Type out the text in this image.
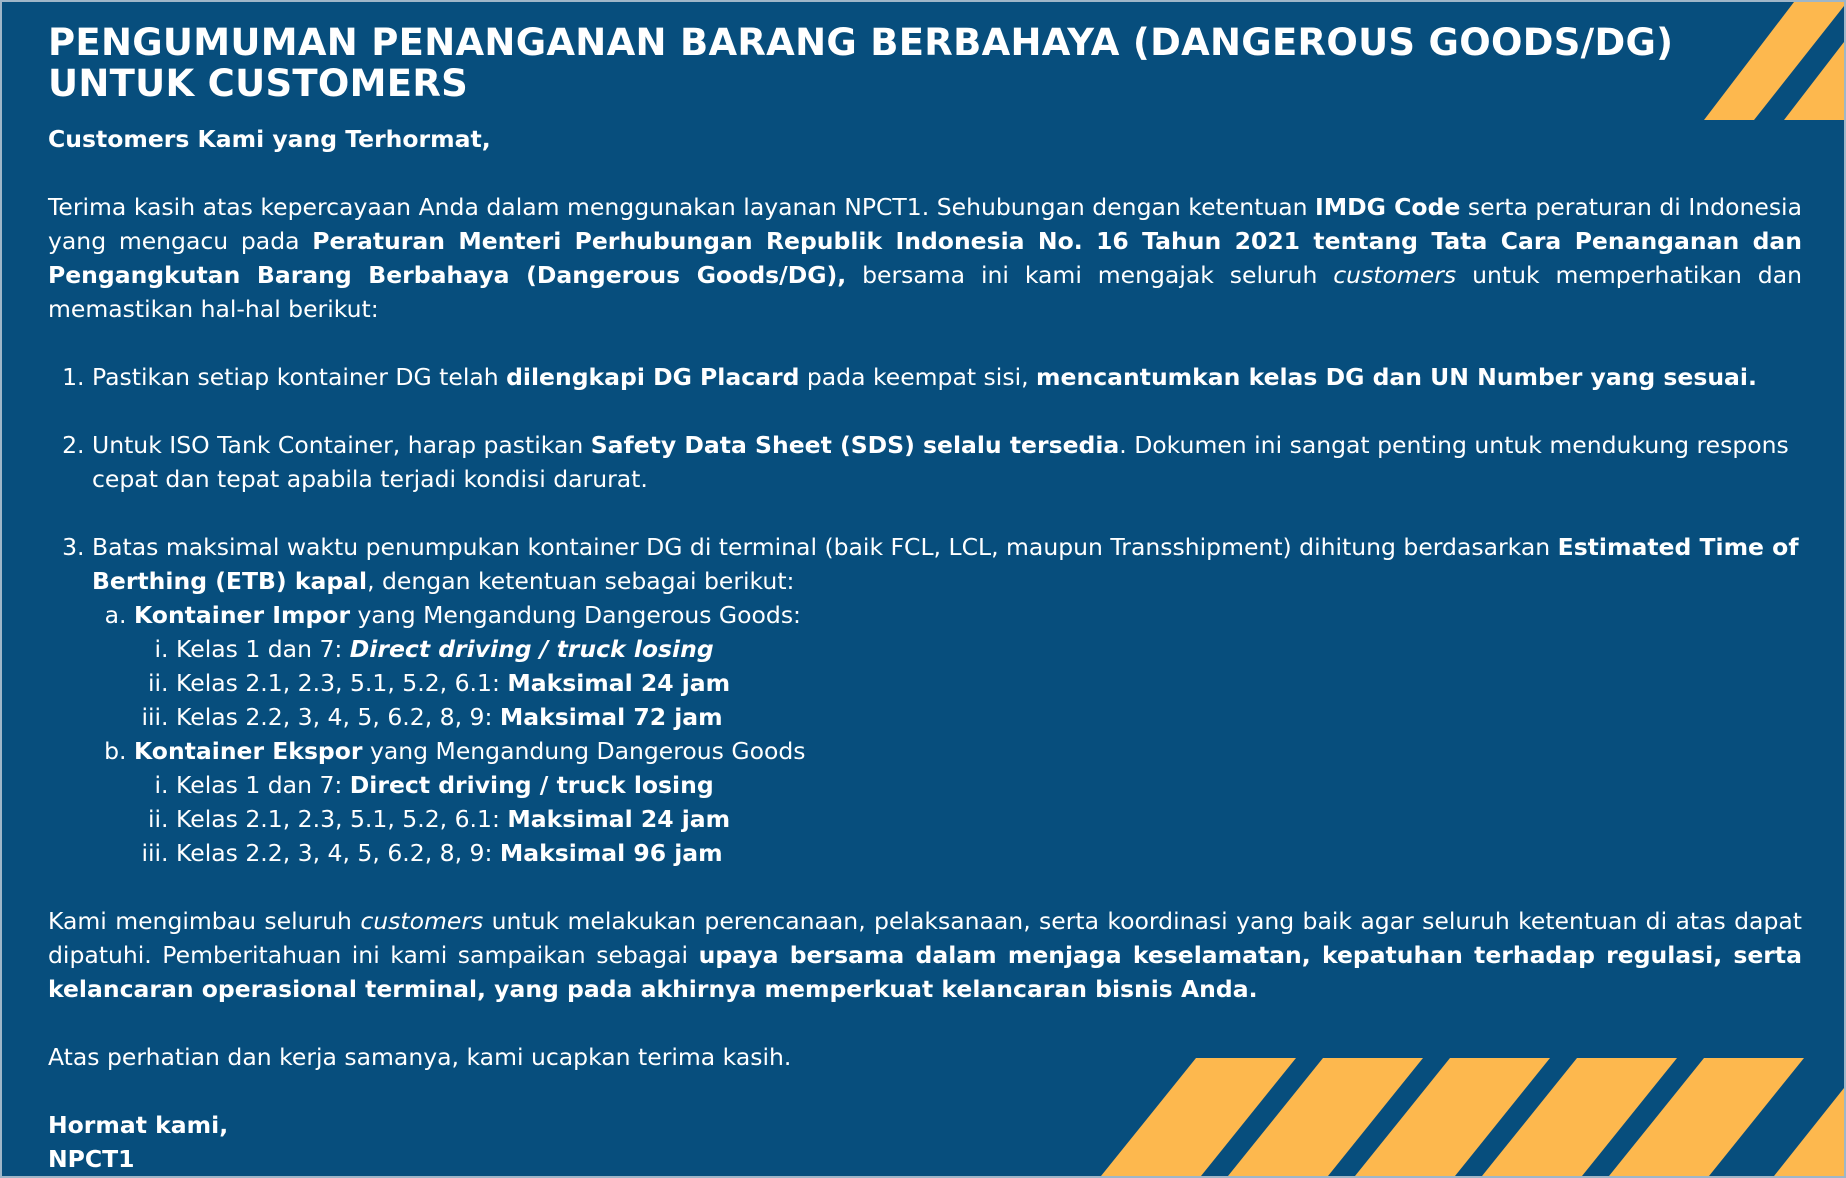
PENGUMUMAN PENANGANAN BARANG BERBAHAYA (DANGEROUS GOODS/DG)
UNTUK CUSTOMERS

Customers Kami yang Terhormat,

Terima kasih atas kepercayaan Anda dalam menggunakan layanan NPCT1. Sehubungan dengan ketentuan IMDG Code serta peraturan di Indonesia yang mengacu pada Peraturan Menteri Perhubungan Republik Indonesia No. 16 Tahun 2021 tentang Tata Cara Penanganan dan Pengangkutan Barang Berbahaya (Dangerous Goods/DG), bersama ini kami mengajak seluruh customers untuk memperhatikan dan memastikan hal-hal berikut:

1. Pastikan setiap kontainer DG telah dilengkapi DG Placard pada keempat sisi, mencantumkan kelas DG dan UN Number yang sesuai.
2. Untuk ISO Tank Container, harap pastikan Safety Data Sheet (SDS) selalu tersedia. Dokumen ini sangat penting untuk mendukung respons cepat dan tepat apabila terjadi kondisi darurat.
3. Batas maksimal waktu penumpukan kontainer DG di terminal (baik FCL, LCL, maupun Transshipment) dihitung berdasarkan Estimated Time of Berthing (ETB) kapal, dengan ketentuan sebagai berikut:
a. Kontainer Impor yang Mengandung Dangerous Goods:
i. Kelas 1 dan 7: Direct driving / truck losing
ii. Kelas 2.1, 2.3, 5.1, 5.2, 6.1: Maksimal 24 jam
iii. Kelas 2.2, 3, 4, 5, 6.2, 8, 9: Maksimal 72 jam
b. Kontainer Ekspor yang Mengandung Dangerous Goods
i. Kelas 1 dan 7: Direct driving / truck losing
ii. Kelas 2.1, 2.3, 5.1, 5.2, 6.1: Maksimal 24 jam
iii. Kelas 2.2, 3, 4, 5, 6.2, 8, 9: Maksimal 96 jam

Kami mengimbau seluruh customers untuk melakukan perencanaan, pelaksanaan, serta koordinasi yang baik agar seluruh ketentuan di atas dapat dipatuhi. Pemberitahuan ini kami sampaikan sebagai upaya bersama dalam menjaga keselamatan, kepatuhan terhadap regulasi, serta kelancaran operasional terminal, yang pada akhirnya memperkuat kelancaran bisnis Anda.

Atas perhatian dan kerja samanya, kami ucapkan terima kasih.

Hormat kami,
NPCT1
